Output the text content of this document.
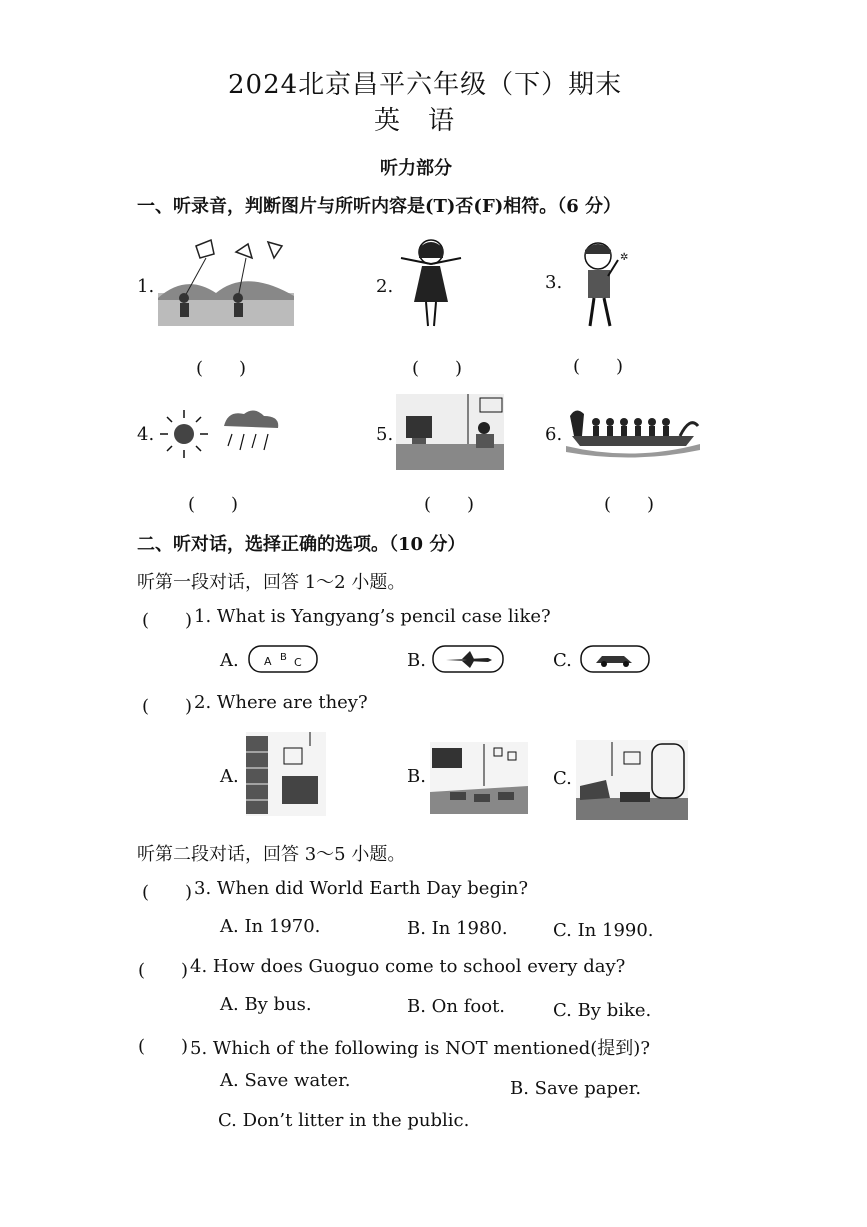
2024北京昌平六年级（下）期末
英　语
听力部分
一、听录音，判断图片与所听内容是(T)否(F)相符。（6 分）
1.
(　　)
2.
(　　)
3.
✲
(　　)
4.
(　　)
5.
(　　)
6.
(　　)
二、听对话，选择正确的选项。（10 分）
听第一段对话，回答 1～2 小题。
(　　) 1. What is Yangyang’s pencil case like?
A. A B C	B.	C.
(　　) 2. Where are they?
A.	B.	C.
听第二段对话，回答 3～5 小题。
(　　) 3. When did World Earth Day begin?
A. In 1970.	B. In 1980.	C. In 1990.
(　　) 4. How does Guoguo come to school every day?
A. By bus.	B. On foot.	C. By bike.
(　　) 5. Which of the following is NOT mentioned(提到)?
A. Save water.	B. Save paper.
C. Don’t litter in the public.
